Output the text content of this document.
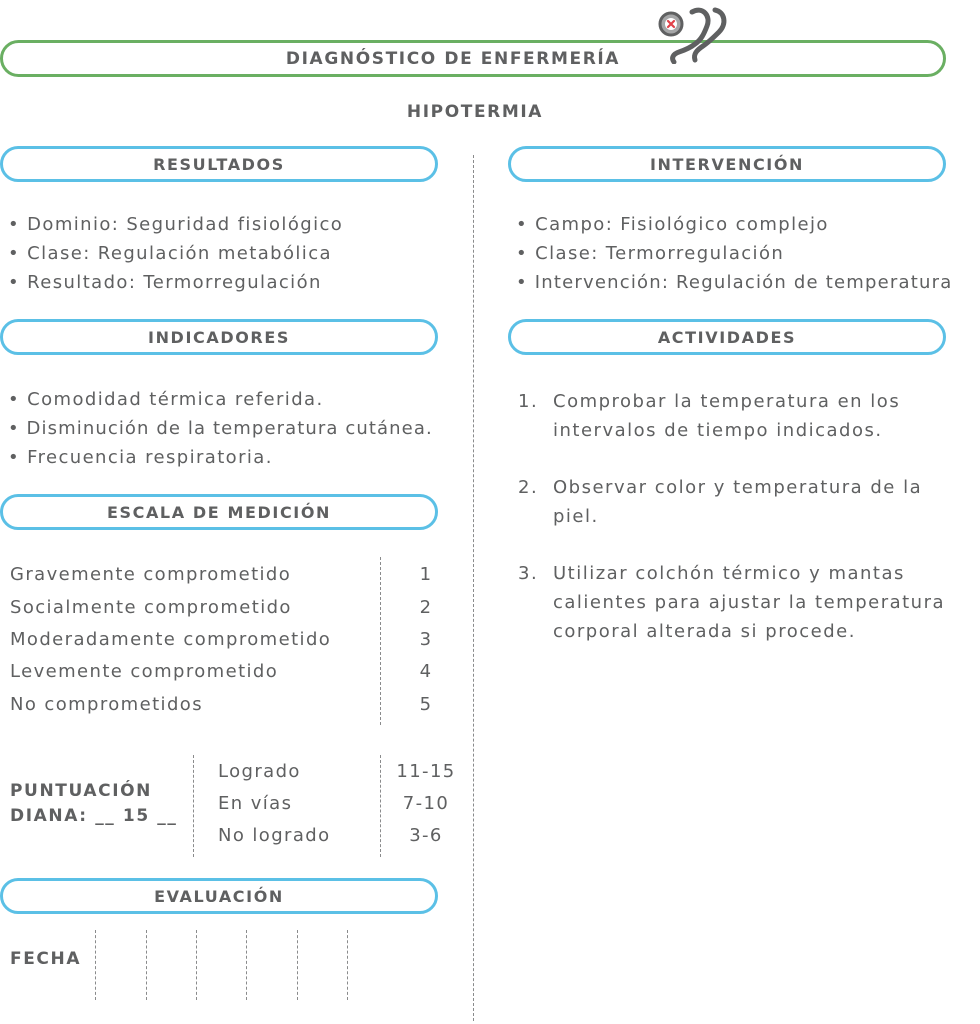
DIAGNÓSTICO DE ENFERMERÍA
HIPOTERMIA
RESULTADOS
• Dominio: Seguridad fisiológico
• Clase: Regulación metabólica
• Resultado: Termorregulación
INTERVENCIÓN
• Campo: Fisiológico complejo
• Clase: Termorregulación
• Intervención: Regulación de temperatura
INDICADORES
• Comodidad térmica referida.
• Disminución de la temperatura cutánea.
• Frecuencia respiratoria.
ACTIVIDADES
1. Comprobar la temperatura en los intervalos de tiempo indicados.
2. Observar color y temperatura de la piel.
3. Utilizar colchón térmico y mantas calientes para ajustar la temperatura corporal alterada si procede.
ESCALA DE MEDICIÓN
Gravemente comprometido
Socialmente comprometido
Moderadamente comprometido
Levemente comprometido
No comprometidos
1
2
3
4
5
PUNTUACIÓN
DIANA: __ 15 __
Logrado
En vías
No logrado
11-15
7-10
3-6
EVALUACIÓN
FECHA
